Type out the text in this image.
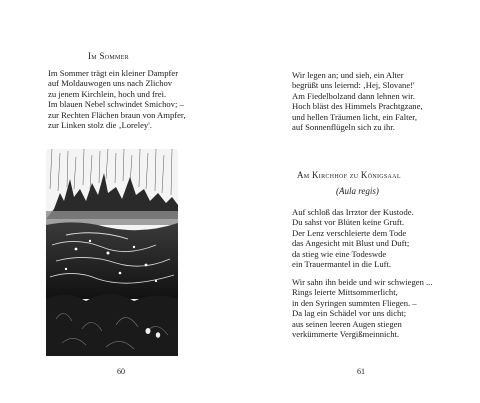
Im Sommer
Im Sommer trägt ein kleiner Dampfer
auf Moldauwogen uns nach Zlichov
zu jenem Kirchlein, hoch und frei.
Im blauen Nebel schwindet Smichov; –
zur Rechten Flächen braun von Ampfer,
zur Linken stolz die ‚Loreley'.
60
Wir legen an; und sieh, ein Alter
begrüßt uns leiernd: ‚Hej, Slovane!'
Am Fiedelbolzand dann lehnen wir.
Hoch bläst des Himmels Prachtgzane,
und hellen Träumen licht, ein Falter,
auf Sonnenflügeln sich zu ihr.
Am Kirchhof zu Königsaal
(Aula regis)
Auf schloß das Irrztor der Kustode.
Du sahst vor Blüten keine Gruft.
Der Lenz verschleierte dem Tode
das Angesicht mit Blust und Duft;
da stieg wie eine Todeswde
ein Trauermantel in die Luft.
Wir sahn ihn beide und wir schwiegen ...
Rings leierte Mittsommerlicht,
in den Syringen summten Fliegen. –
Da lag ein Schädel vor uns dicht;
aus seinen leeren Augen stiegen
verkümmerte Vergißmeinnicht.
61
